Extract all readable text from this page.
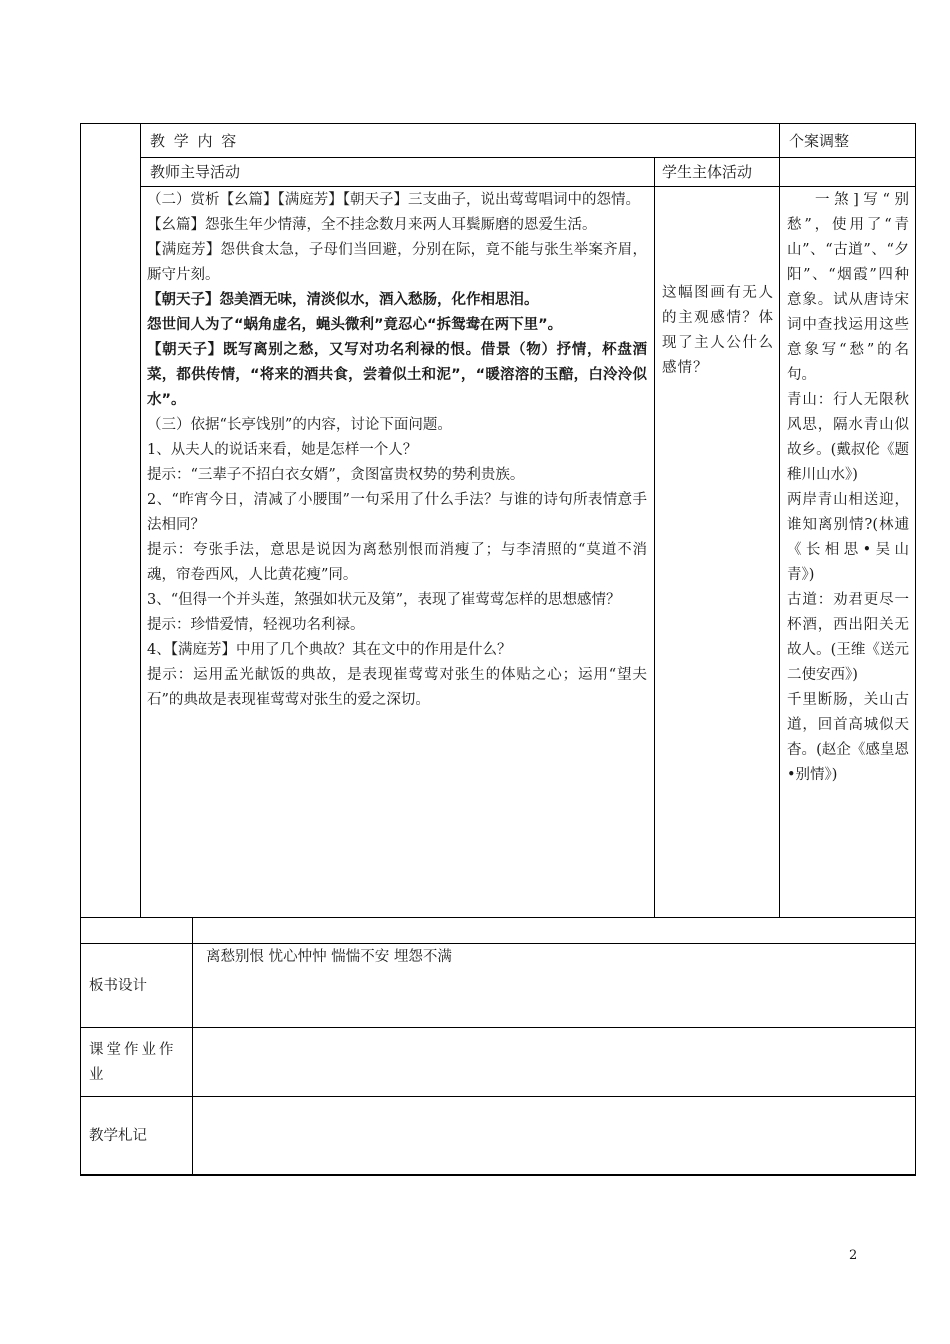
教 学 内 容	个案调整
教师主导活动	学生主体活动

（二）赏析【幺篇】【满庭芳】【朝天子】三支曲子，说出莺莺唱词中的怨情。

【幺篇】怨张生年少情薄，全不挂念数月来两人耳鬓厮磨的恩爱生活。

【满庭芳】怨供食太急，子母们当回避，分别在际，竟不能与张生举案齐眉，厮守片刻。

【朝天子】怨美酒无味，清淡似水，酒入愁肠，化作相思泪。

怨世间人为了“蜗角虚名，蝇头微利”竟忍心“拆鸳鸯在两下里”。

【朝天子】既写离别之愁，又写对功名利禄的恨。借景（物）抒情，杯盘酒菜，都供传情，“将来的酒共食，尝着似土和泥”，“暖溶溶的玉醅，白泠泠似水”。

（三）依据“长亭饯别”的内容，讨论下面问题。

1、从夫人的说话来看，她是怎样一个人？

提示：“三辈子不招白衣女婿”，贪图富贵权势的势利贵族。

2、“昨宵今日，清减了小腰围”一句采用了什么手法？与谁的诗句所表情意手法相同？

提示：夸张手法，意思是说因为离愁别恨而消瘦了；与李清照的“莫道不消魂，帘卷西风，人比黄花瘦”同。

3、“但得一个并头莲，煞强如状元及第”，表现了崔莺莺怎样的思想感情？

提示：珍惜爱情，轻视功名利禄。

4、【满庭芳】中用了几个典故？其在文中的作用是什么？

提示：运用孟光献饭的典故，是表现崔莺莺对张生的体贴之心；运用“望夫石”的典故是表现崔莺莺对张生的爱之深切。

这幅图画有无人的主观感情？体现了主人公什么感情？

一煞]写“别愁”，使用了“青山”、“古道”、“夕阳”、“烟霞”四种意象。试从唐诗宋词中查找运用这些意象写“愁”的名句。

青山：行人无限秋风思，隔水青山似故乡。(戴叔伦《题稚川山水》)

两岸青山相送迎，谁知离别情?(林逋《长相思•吴山青》)

古道：劝君更尽一杯酒，西出阳关无故人。(王维《送元二使安西》)

千里断肠，关山古道，回首高城似天杳。(赵企《感皇恩•别情》)

板书设计
离愁别恨 忧心忡忡 惴惴不安 埋怨不满
课堂作业作业
教学札记
2
